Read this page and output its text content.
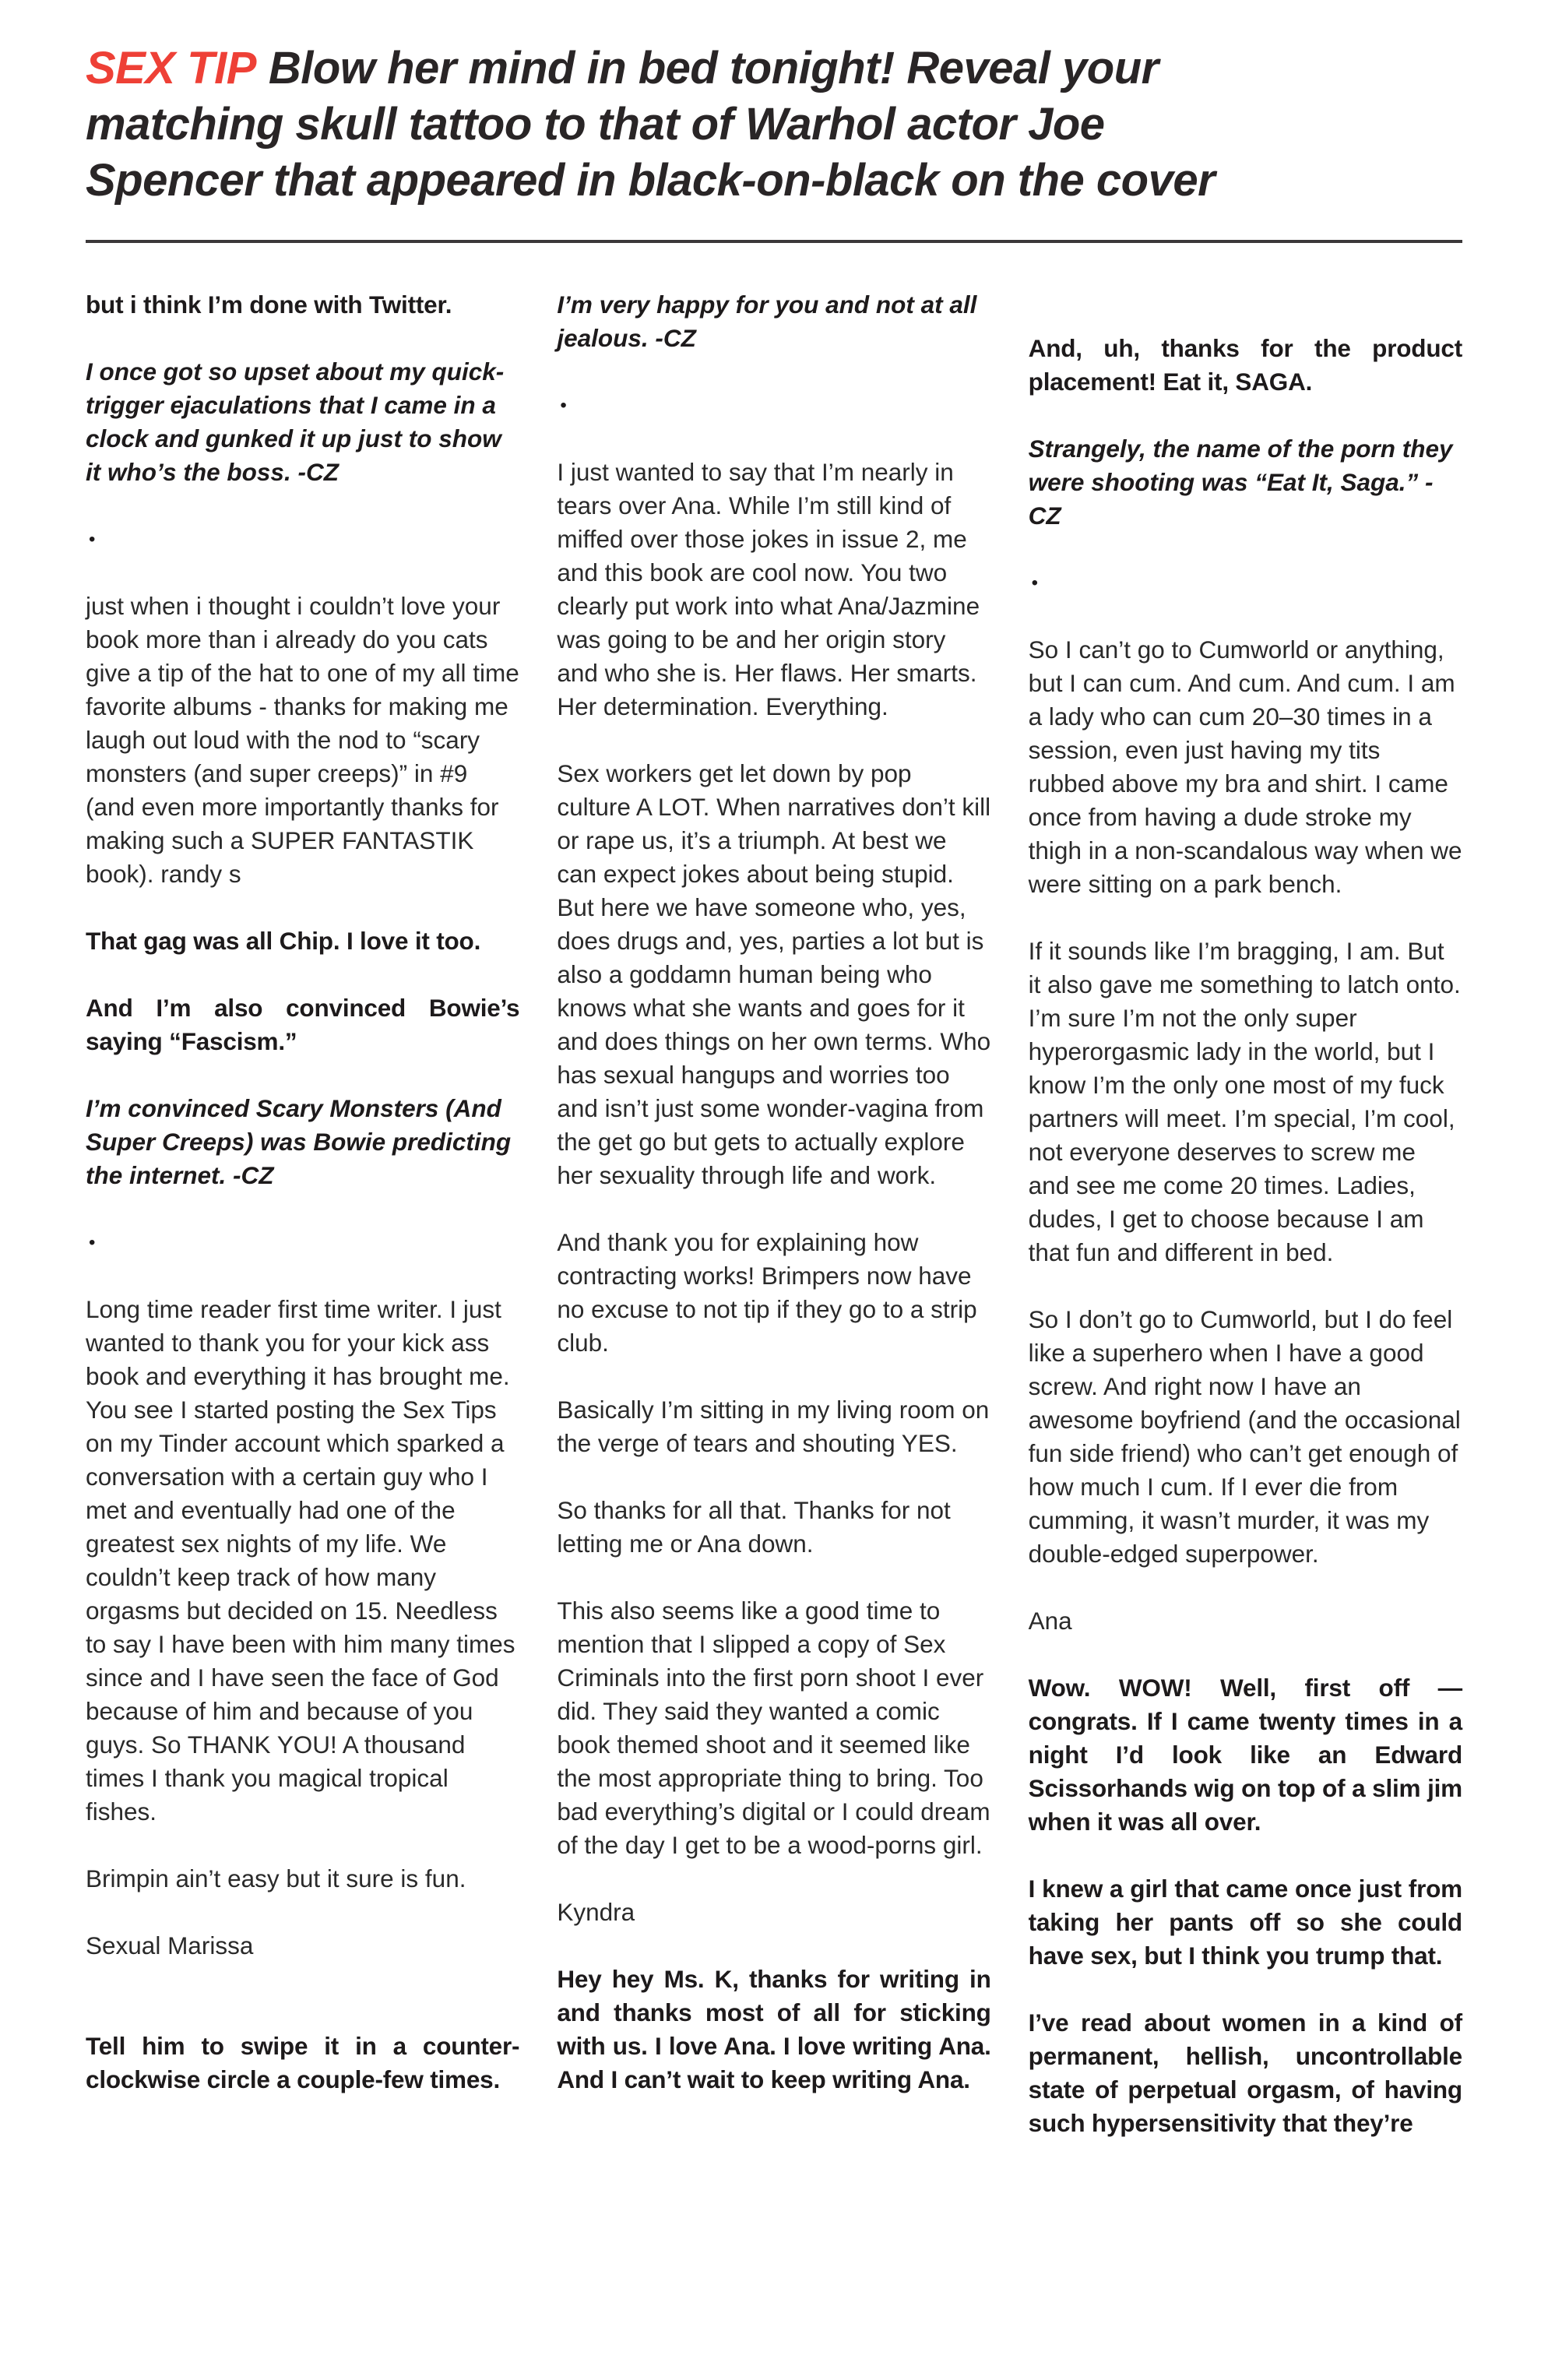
SEX TIP Blow her mind in bed tonight! Reveal your matching skull tattoo to that of Warhol actor Joe Spencer that appeared in black-on-black on the cover

but i think I’m done with Twitter.

I once got so upset about my quick-trigger ejaculations that I came in a clock and gunked it up just to show it who’s the boss. -CZ

•

just when i thought i couldn’t love your book more than i already do you cats give a tip of the hat to one of my all time favorite albums - thanks for making me laugh out loud with the nod to “scary monsters (and super creeps)” in #9 (and even more importantly thanks for making such a SUPER FANTASTIK book). randy s

That gag was all Chip. I love it too.

And I’m also convinced Bowie’s saying “Fascism.”

I’m convinced Scary Monsters (And Super Creeps) was Bowie predicting the internet. -CZ

•

Long time reader first time writer. I just wanted to thank you for your kick ass book and everything it has brought me. You see I started posting the Sex Tips on my Tinder account which sparked a conversation with a certain guy who I met and eventually had one of the greatest sex nights of my life. We couldn’t keep track of how many orgasms but decided on 15. Needless to say I have been with him many times since and I have seen the face of God because of him and because of you guys. So THANK YOU! A thousand times I thank you magical tropical fishes.

Brimpin ain’t easy but it sure is fun.

Sexual Marissa

Tell him to swipe it in a counter-clockwise circle a couple-few times.

I’m very happy for you and not at all jealous. -CZ

•

I just wanted to say that I’m nearly in tears over Ana. While I’m still kind of miffed over those jokes in issue 2, me and this book are cool now. You two clearly put work into what Ana/Jazmine was going to be and her origin story and who she is. Her flaws. Her smarts. Her determination. Everything.

Sex workers get let down by pop culture A LOT. When narratives don’t kill or rape us, it’s a triumph. At best we can expect jokes about being stupid. But here we have someone who, yes, does drugs and, yes, parties a lot but is also a goddamn human being who knows what she wants and goes for it and does things on her own terms. Who has sexual hangups and worries too and isn’t just some wonder-vagina from the get go but gets to actually explore her sexuality through life and work.

And thank you for explaining how contracting works! Brimpers now have no excuse to not tip if they go to a strip club.

Basically I’m sitting in my living room on the verge of tears and shouting YES.

So thanks for all that. Thanks for not letting me or Ana down.

This also seems like a good time to mention that I slipped a copy of Sex Criminals into the first porn shoot I ever did. They said they wanted a comic book themed shoot and it seemed like the most appropriate thing to bring. Too bad everything’s digital or I could dream of the day I get to be a wood-porns girl.

Kyndra

Hey hey Ms. K, thanks for writing in and thanks most of all for sticking with us. I love Ana. I love writing Ana. And I can’t wait to keep writing Ana.

And, uh, thanks for the product placement! Eat it, SAGA.

Strangely, the name of the porn they were shooting was “Eat It, Saga.” -CZ

•

So I can’t go to Cumworld or anything, but I can cum. And cum. And cum. I am a lady who can cum 20–30 times in a session, even just having my tits rubbed above my bra and shirt. I came once from having a dude stroke my thigh in a non-scandalous way when we were sitting on a park bench.

If it sounds like I’m bragging, I am. But it also gave me something to latch onto. I’m sure I’m not the only super hyperorgasmic lady in the world, but I know I’m the only one most of my fuck partners will meet. I’m special, I’m cool, not everyone deserves to screw me and see me come 20 times. Ladies, dudes, I get to choose because I am that fun and different in bed.

So I don’t go to Cumworld, but I do feel like a superhero when I have a good screw. And right now I have an awesome boyfriend (and the occasional fun side friend) who can’t get enough of how much I cum. If I ever die from cumming, it wasn’t murder, it was my double-edged superpower.

Ana

Wow. WOW! Well, first off — congrats. If I came twenty times in a night I’d look like an Edward Scissorhands wig on top of a slim jim when it was all over.

I knew a girl that came once just from taking her pants off so she could have sex, but I think you trump that.

I’ve read about women in a kind of permanent, hellish, uncontrollable state of perpetual orgasm, of having such hypersensitivity that they’re
